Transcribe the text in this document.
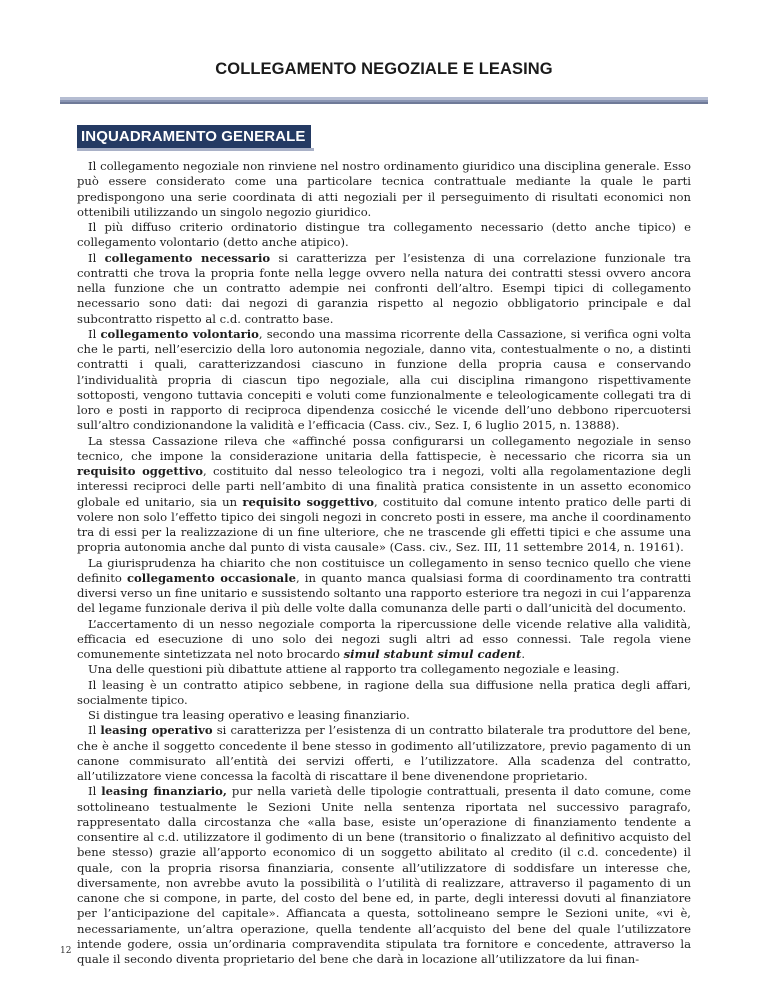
COLLEGAMENTO NEGOZIALE E LEASING
INQUADRAMENTO GENERALE

Il collegamento negoziale non rinviene nel nostro ordinamento giuridico una disciplina generale. Esso può essere considerato come una particolare tecnica contrattuale mediante la quale le parti predispongono una serie coordinata di atti negoziali per il perseguimento di risultati economici non ottenibili utilizzando un singolo negozio giuridico.

Il più diffuso criterio ordinatorio distingue tra collegamento necessario (detto anche tipico) e collegamento volontario (detto anche atipico).

Il collegamento necessario si caratterizza per l’esistenza di una correlazione funzionale tra contratti che trova la propria fonte nella legge ovvero nella natura dei contratti stessi ovvero ancora nella funzione che un contratto adempie nei confronti dell’altro. Esempi tipici di collegamento necessario sono dati: dai negozi di garanzia rispetto al negozio obbligatorio principale e dal subcontratto rispetto al c.d. contratto base.

Il collegamento volontario, secondo una massima ricorrente della Cassazione, si verifica ogni volta che le parti, nell’esercizio della loro autonomia negoziale, danno vita, contestualmente o no, a distinti contratti i quali, caratterizzandosi ciascuno in funzione della propria causa e conservando l’individualità propria di ciascun tipo negoziale, alla cui disciplina rimangono rispettivamente sottoposti, vengono tuttavia concepiti e voluti come funzionalmente e teleologicamente collegati tra di loro e posti in rapporto di reciproca dipendenza cosicché le vicende dell’uno debbono ripercuotersi sull’altro condizionandone la validità e l’efficacia (Cass. civ., Sez. I, 6 luglio 2015, n. 13888).

La stessa Cassazione rileva che «affinché possa configurarsi un collegamento negoziale in senso tecnico, che impone la considerazione unitaria della fattispecie, è necessario che ricorra sia un requisito oggettivo, costituito dal nesso teleologico tra i negozi, volti alla regolamentazione degli interessi reciproci delle parti nell’ambito di una finalità pratica consistente in un assetto economico globale ed unitario, sia un requisito soggettivo, costituito dal comune intento pratico delle parti di volere non solo l’effetto tipico dei singoli negozi in concreto posti in essere, ma anche il coordinamento tra di essi per la realizzazione di un fine ulteriore, che ne trascende gli effetti tipici e che assume una propria autonomia anche dal punto di vista causale» (Cass. civ., Sez. III, 11 settembre 2014, n. 19161).

La giurisprudenza ha chiarito che non costituisce un collegamento in senso tecnico quello che viene definito collegamento occasionale, in quanto manca qualsiasi forma di coordinamento tra contratti diversi verso un fine unitario e sussistendo soltanto una rapporto esteriore tra negozi in cui l’apparenza del legame funzionale deriva il più delle volte dalla comunanza delle parti o dall’unicità del documento.

L’accertamento di un nesso negoziale comporta la ripercussione delle vicende relative alla validità, efficacia ed esecuzione di uno solo dei negozi sugli altri ad esso connessi. Tale regola viene comunemente sintetizzata nel noto brocardo simul stabunt simul cadent.

Una delle questioni più dibattute attiene al rapporto tra collegamento negoziale e leasing.

Il leasing è un contratto atipico sebbene, in ragione della sua diffusione nella pratica degli affari, socialmente tipico.

Si distingue tra leasing operativo e leasing finanziario.

Il leasing operativo si caratterizza per l’esistenza di un contratto bilaterale tra produttore del bene, che è anche il soggetto concedente il bene stesso in godimento all’utilizzatore, previo pagamento di un canone commisurato all’entità dei servizi offerti, e l’utilizzatore. Alla scadenza del contratto, all’utilizzatore viene concessa la facoltà di riscattare il bene divenendone proprietario.

Il leasing finanziario, pur nella varietà delle tipologie contrattuali, presenta il dato comune, come sottolineano testualmente le Sezioni Unite nella sentenza riportata nel successivo paragrafo, rappresentato dalla circostanza che «alla base, esiste un’operazione di finanziamento tendente a consentire al c.d. utilizzatore il godimento di un bene (transitorio o finalizzato al definitivo acquisto del bene stesso) grazie all’apporto economico di un soggetto abilitato al credito (il c.d. concedente) il quale, con la propria risorsa finanziaria, consente all’utilizzatore di soddisfare un interesse che, diversamente, non avrebbe avuto la possibilità o l’utilità di realizzare, attraverso il pagamento di un canone che si compone, in parte, del costo del bene ed, in parte, degli interessi dovuti al finanziatore per l’anticipazione del capitale». Affiancata a questa, sottolineano sempre le Sezioni unite, «vi è, necessariamente, un’altra operazione, quella tendente all’acquisto del bene del quale l’utilizzatore intende godere, ossia un’ordinaria compravendita stipulata tra fornitore e concedente, attraverso la quale il secondo diventa proprietario del bene che darà in locazione all’utilizzatore da lui finan-

12
